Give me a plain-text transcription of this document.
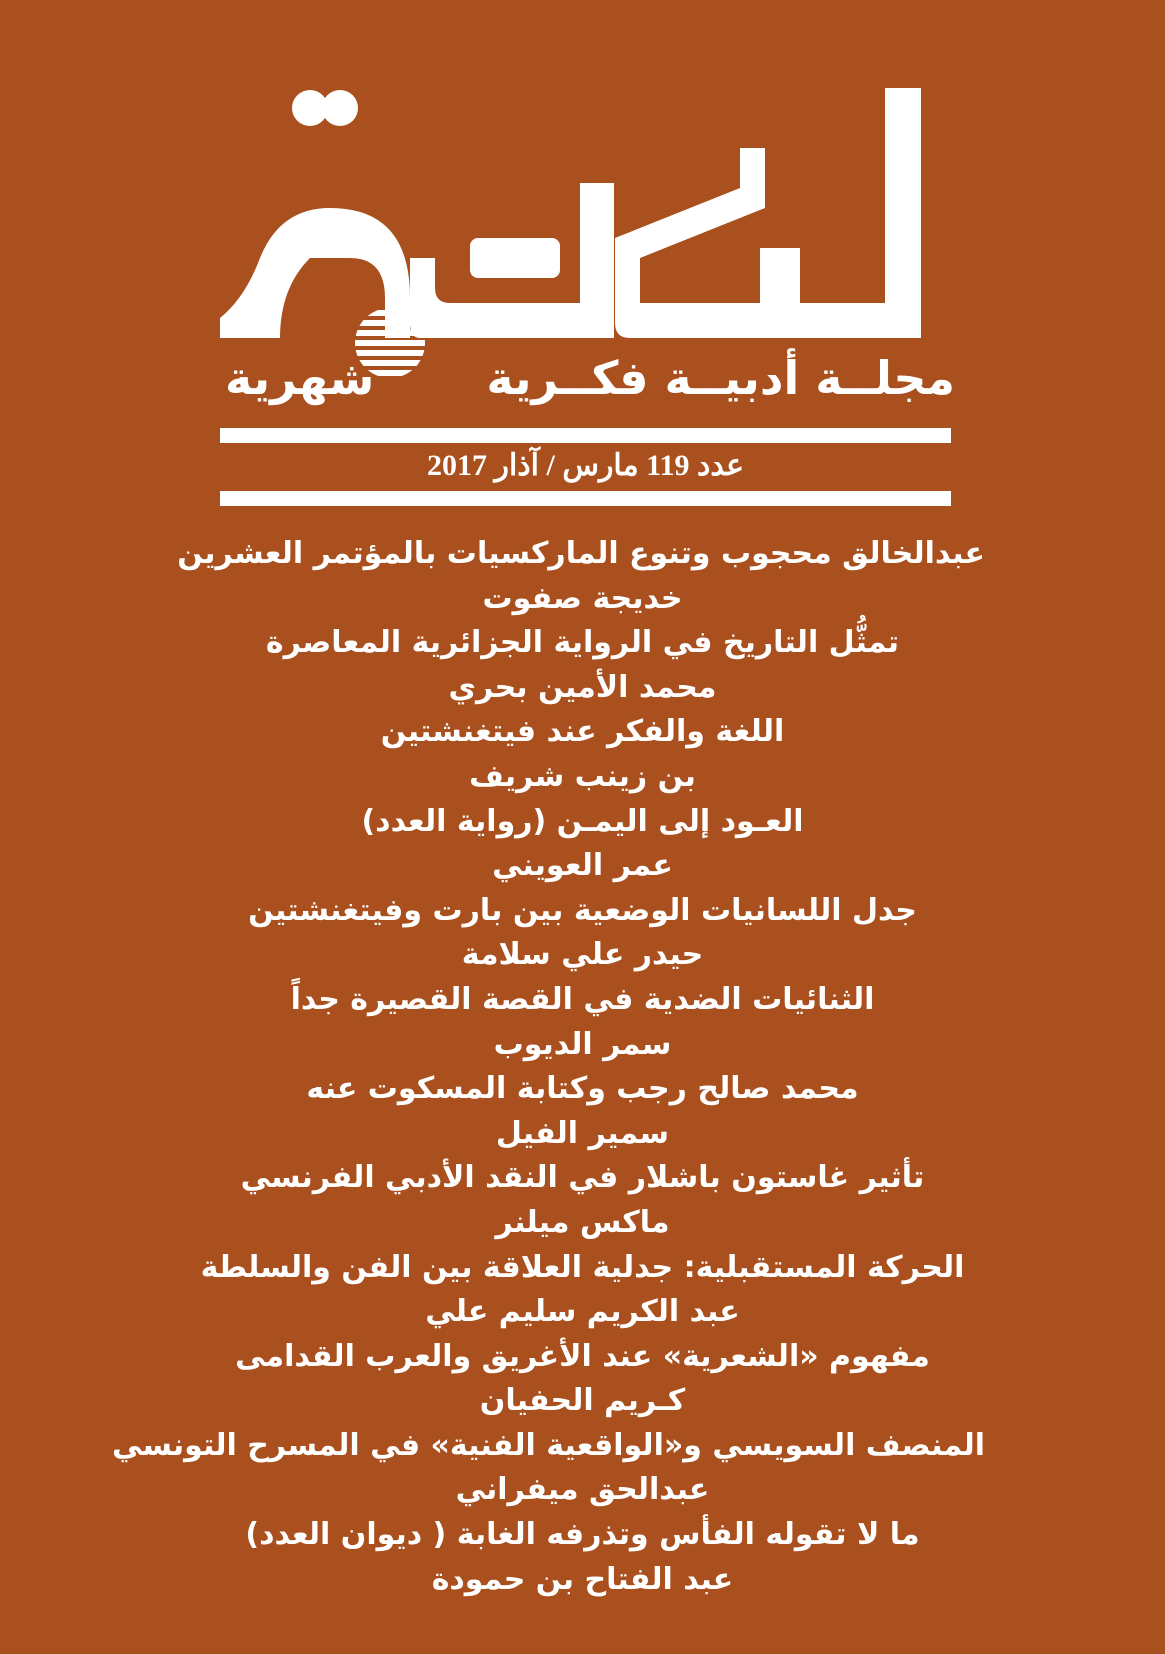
الكلمة
مجلــة أدبيــة فكــرية
شهرية
عدد 119 مارس / آذار 2017
عبدالخالق محجوب وتنوع الماركسيات بالمؤتمر العشرين
خديجة صفوت
تمثُّل التاريخ في الرواية الجزائرية المعاصرة
محمد الأمين بحري
اللغة والفكر عند فيتغنشتين
بن زينب شريف
العـود إلى اليمـن (رواية العدد)
عمر العويني
جدل اللسانيات الوضعية بين بارت وفيتغنشتين
حيدر علي سلامة
الثنائيات الضدية في القصة القصيرة جداً
سمر الديوب
محمد صالح رجب وكتابة المسكوت عنه
سمير الفيل
تأثير غاستون باشلار في النقد الأدبي الفرنسي
ماكس ميلنر
الحركة المستقبلية: جدلية العلاقة بين الفن والسلطة
عبد الكريم سليم علي
مفهوم «الشعرية» عند الأغريق والعرب القدامى
كـريم الحفيان
المنصف السويسي و«الواقعية الفنية» في المسرح التونسي
عبدالحق ميفراني
ما لا تقوله الفأس وتذرفه الغابة ( ديوان العدد)
عبد الفتاح بن حمودة
